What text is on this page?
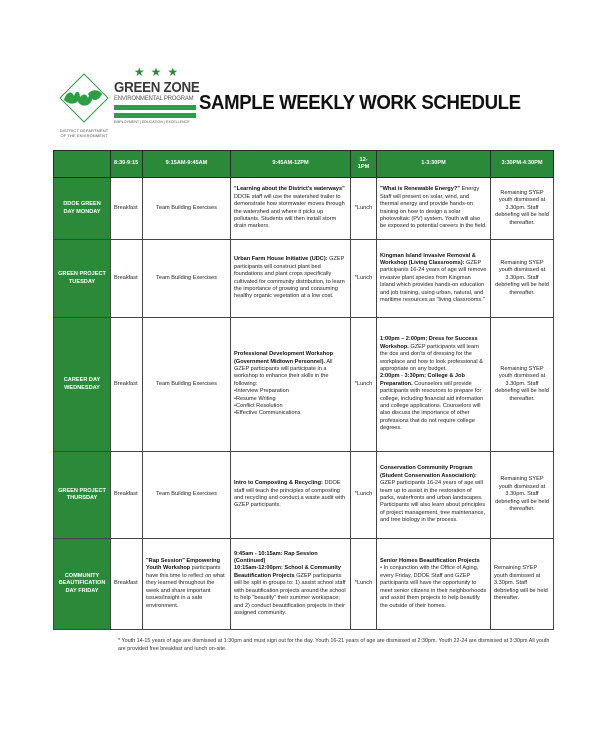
DISTRICT DEPARTMENT OF THE ENVIRONMENT
★★★
GREEN ZONE
ENVIRONMENTAL PROGRAM
EMPLOYMENT | EDUCATION | EXCELLENCE
SAMPLE WEEKLY WORK SCHEDULE
	8:30-9:15	9:15AM-9:45AM	9:45AM-12PM	12-1PM	1-3:30PM	3:30PM-4:30PM
DDOE GREEN DAY MONDAY	Breakfast	Team Building Exercises	"Learning about the District's waterways"
DDOE staff will use the watershed trailer to demonstrate how stormwater moves through the watershed and where it picks up pollutants. Students will then install storm drain markers.	*Lunch	"What is Renewable Energy?" Energy Staff will present on solar, wind, and thermal energy and provide hands-on training on how to design a solar photovoltaic (PV) system. Youth will also be exposed to potential careers in the field.	Remaining SYEP youth dismissed at 3.30pm. Staff debriefing will be held thereafter.
GREEN PROJECT TUESDAY	Breakfast	Team Building Exercises	Urban Farm House Initiative (UDC): GZEP participants will construct plant bed foundations and plant crops specifically cultivated for community distribution, to learn the importance of growing and consuming healthy organic vegetation at a low cost.	*Lunch	Kingman Island Invasive Removal & Workshop (Living Classrooms): GZEP participants 16-24 years of age will remove invasive plant species from Kingman Island which provides hands-on education and job training, using urban, natural, and maritime resources as "living classrooms."	Remaining SYEP youth dismissed at 3.30pm. Staff debriefing will be held thereafter.
CAREER DAY WEDNESDAY	Breakfast	Team Building Exercises	Professional Development Workshop (Government Midtown Personnel). All GZEP participants will participate in a workshop to enhance their skills in the following:
• Interview Preparation
• Resume Writing
• Conflict Resolution
• Effective Communications
	*Lunch	1:00pm – 2:00pm; Dress for Success Workshop. GZEP participants will learn the dos and don'ts of dressing for the workplace and how to look professional & appropriate on any budget.
2:00pm - 3:30pm; College & Job Preparation. Counselors will provide participants with resources to prepare for college, including financial aid information and college applications. Counselors will also discuss the importance of other professions that do not require college degrees.	Remaining SYEP youth dismissed at 3.30pm. Staff debriefing will be held thereafter.
GREEN PROJECT THURSDAY	Breakfast	Team Building Exercises	Intro to Composting & Recycling: DDOE staff will teach the principles of composting and recycling and conduct a waste audit with GZEP participants.	*Lunch	Conservation Community Program (Student Conservation Association): GZEP participants 16-24 years of age will team up to assist in the restoration of parks, waterfronts and urban landscapes. Participants will also learn about principles of project management, tree maintenance, and tree biology in the process.	Remaining SYEP youth dismissed at 3.30pm. Staff debriefing will be held thereafter.
COMMUNITY BEAUTIFICATION DAY FRIDAY	Breakfast	"Rap Session" Empowering Youth Workshop participants have this time to reflect on what they learned throughout the week and share important issues/insight in a safe environment.	9:45am - 10:15am: Rap Session (Continued)
10:15am-12:00pm: School & Community Beautification Projects GZEP participants will be split in groups to: 1) assist school staff with beautification projects around the school to help "beautify" their summer workspace; and 2) conduct beautification projects in their assigned community.	*Lunch	Senior Homes Beautification Projects
• In conjunction with the Office of Aging, every Friday, DDOE Staff and GZEP participants will have the opportunity to meet senior citizens in their neighborhoods and assist them projects to help beautify the outside of their homes.	Remaining SYEP youth dismissed at 3.30pm. Staff debriefing will be held thereafter.
* Youth 14-15 years of age are dismissed at 1:30pm and must sign out for the day. Youth 16-21 years of age are dismissed at 2:30pm. Youth 22-24 are dismissed at 3:30pm All youth are provided free breakfast and lunch on-site.
